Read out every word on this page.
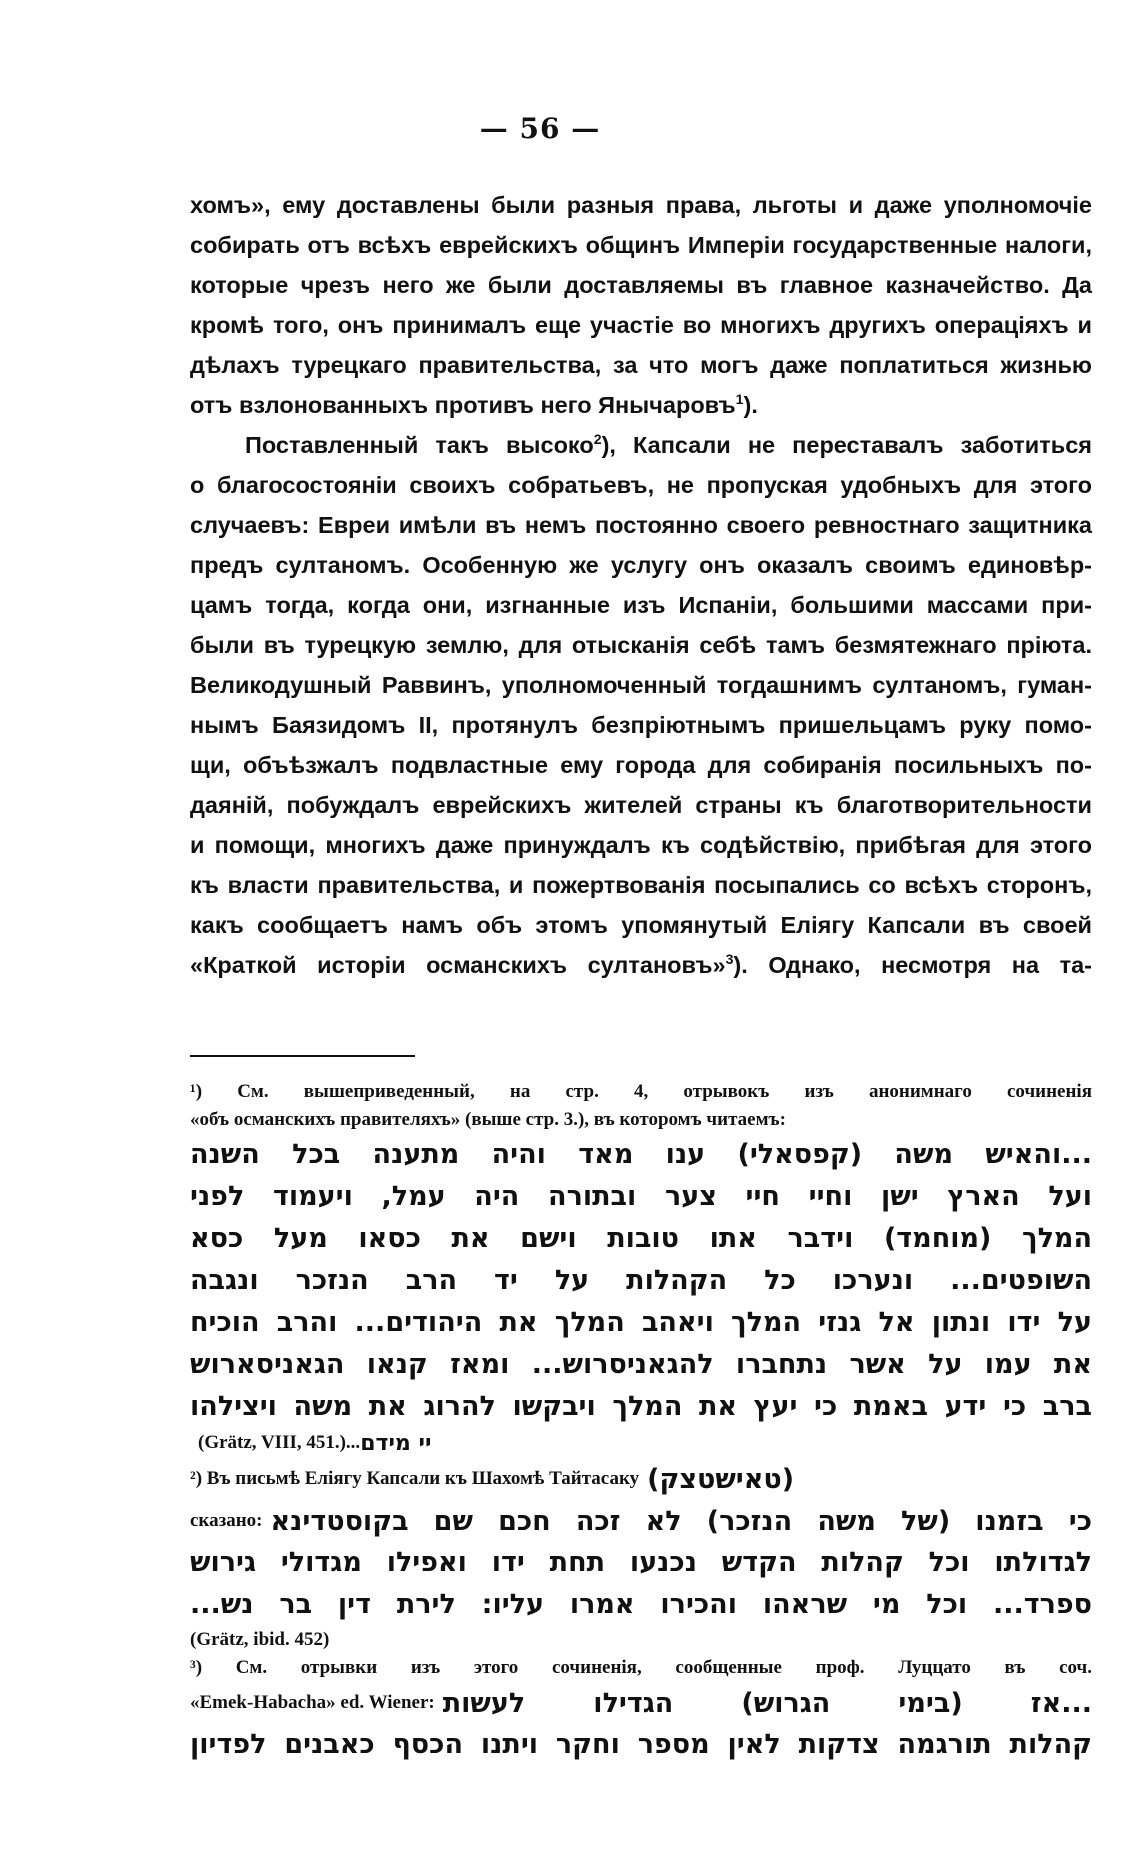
— 56 —
хомъ», ему доставлены были разныя права, льготы и даже уполномочіе
собирать отъ всѣхъ еврейскихъ общинъ Имперіи государственные налоги,
которые чрезъ него же были доставляемы въ главное казначейство. Да
кромѣ того, онъ принималъ еще участіе во многихъ другихъ операціяхъ и
дѣлахъ турецкаго правительства, за что могъ даже поплатиться жизнью
отъ взлонованныхъ противъ него Янычаровъ$^1$).
Поставленный такъ высоко$^2$), Капсали не переставалъ заботиться
о благосостояніи своихъ собратьевъ, не пропуская удобныхъ для этого
случаевъ: Евреи имѣли въ немъ постоянно своего ревностнаго защитника
предъ султаномъ. Особенную же услугу онъ оказалъ своимъ единовѣр-
цамъ тогда, когда они, изгнанные изъ Испаніи, большими массами при-
были въ турецкую землю, для отысканія себѣ тамъ безмятежнаго пріюта.
Великодушный Раввинъ, уполномоченный тогдашнимъ султаномъ, гуман-
нымъ Баязидомъ II, протянулъ безпріютнымъ пришельцамъ руку помо-
щи, объѣзжалъ подвластные ему города для собиранія посильныхъ по-
даяній, побуждалъ еврейскихъ жителей страны къ благотворительности
и помощи, многихъ даже принуждалъ къ содѣйствію, прибѣгая для этого
къ власти правительства, и пожертвованія посыпались со всѣхъ сторонъ,
какъ сообщаетъ намъ объ этомъ упомянутый Еліягу Капсали въ своей
«Краткой исторіи османскихъ султановъ»$^3$). Однако, несмотря на та-
¹) См. вышеприведенный, на стр. 4, отрывокъ изъ анонимнаго сочиненія
«объ османскихъ правителяхъ» (выше стр. 3.), въ которомъ читаемъ:
...והאיש משה (קפסאלי) ענו מאד והיה מתענה בכל השנה
ועל הארץ ישן וחיי חיי צער ובתורה היה עמל, ויעמוד לפני
המלך (מוחמד) וידבר אתו טובות וישם את כסאו מעל כסא
השופטים... ונערכו כל הקהלות על יד הרב הנזכר ונגבה
על ידו ונתון אל גנזי המלך ויאהב המלך את היהודים... והרב הוכיח
את עמו על אשר נתחברו להגאניסרוש... ומאז קנאו הגאניסארוש
ברב כי ידע באמת כי יעץ את המלך ויבקשו להרוג את משה ויצילהו
(Grätz, VIII, 451.)... יי מידם
²) Въ письмѣ Еліягу Капсали къ Шахомѣ Тайтасаку (טאישטצק)
сказано: כי בזמנו (של משה הנזכר) לא זכה חכם שם בקוסטדינא
לגדולתו וכל קהלות הקדש נכנעו תחת ידו ואפילו מגדולי גירוש
ספרד... וכל מי שראהו והכירו אמרו עליו: לירת דין בר נש...
(Grätz, ibid. 452)
³) См. отрывки изъ этого сочиненія, сообщенные проф. Луццато въ соч.
«Emek-Habacha» ed. Wiener: ...אז (בימי הגרוש) הגדילו לעשות
קהלות תורגמה צדקות לאין מספר וחקר ויתנו הכסף כאבנים לפדיון
